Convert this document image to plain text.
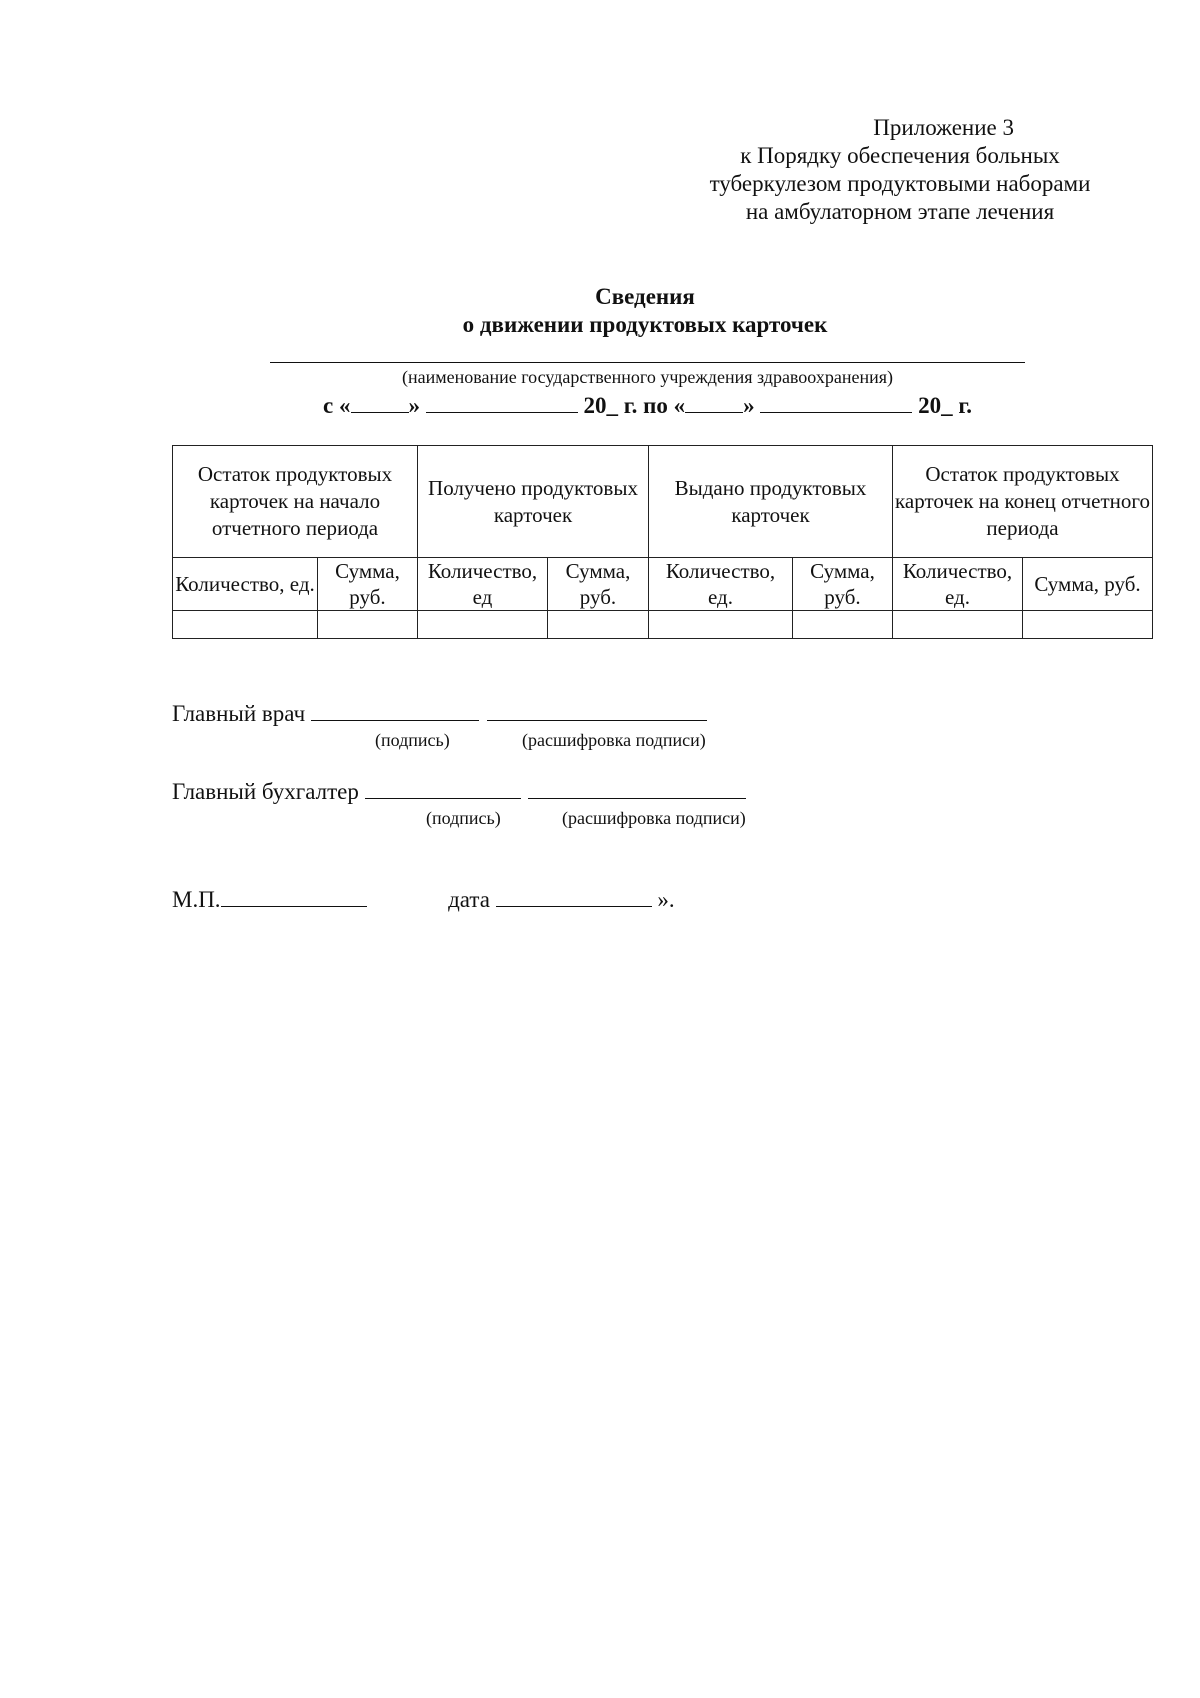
Приложение 3
к Порядку обеспечения больных
туберкулезом продуктовыми наборами
на амбулаторном этапе лечения
Сведения
о движении продуктовых карточек
(наименование государственного учреждения здравоохранения)
с «	»	20_ г. по «	»	20_ г.
Остаток продуктовых карточек на начало отчетного периода		Получено продуктовых карточек		Выдано продуктовых карточек		Остаток продуктовых карточек на конец отчетного периода	
Количество, ед.	Сумма, руб.	Количество, ед	Сумма, руб.	Количество, ед.	Сумма, руб.	Количество, ед.	Сумма, руб.

Главный врач
(подпись)	(расшифровка подписи)
Главный бухгалтер
(подпись)	(расшифровка подписи)
М.П.	дата	».
